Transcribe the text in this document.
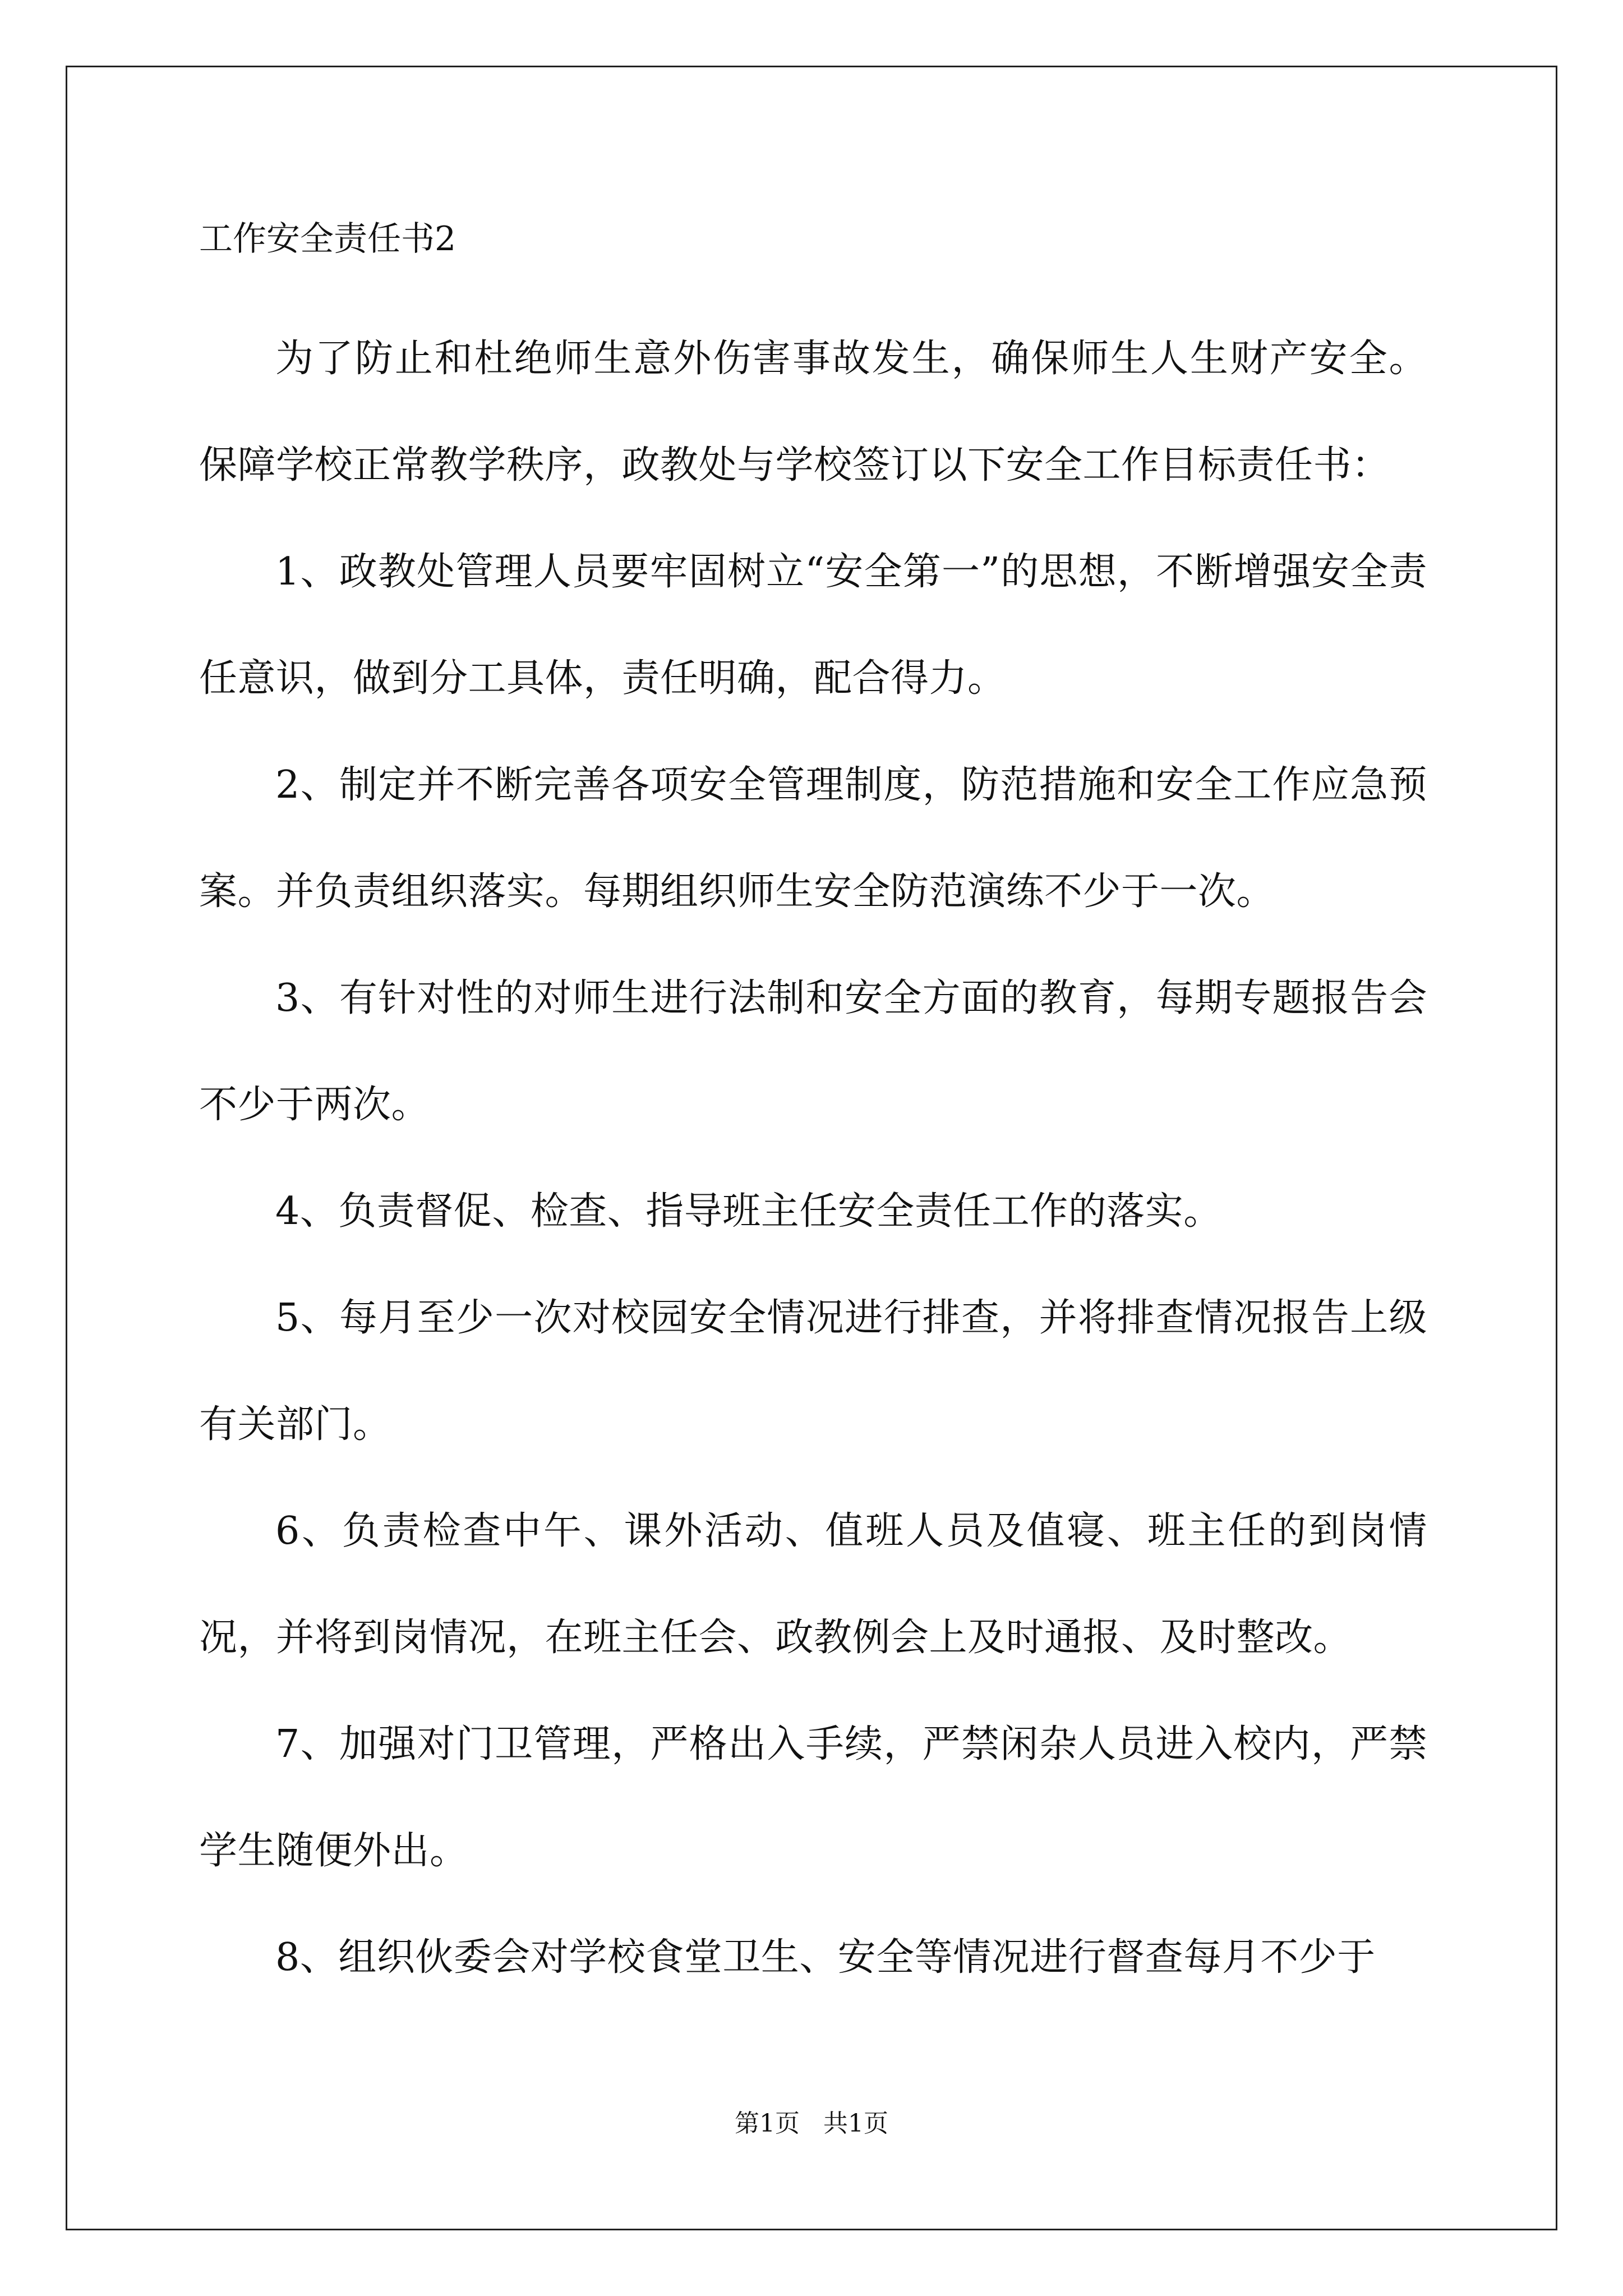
工作安全责任书2

为了防止和杜绝师生意外伤害事故发生，确保师生人生财产安全。保障学校正常教学秩序，政教处与学校签订以下安全工作目标责任书：

1、政教处管理人员要牢固树立“安全第一”的思想，不断增强安全责任意识，做到分工具体，责任明确，配合得力。

2、制定并不断完善各项安全管理制度，防范措施和安全工作应急预案。并负责组织落实。每期组织师生安全防范演练不少于一次。

3、有针对性的对师生进行法制和安全方面的教育，每期专题报告会不少于两次。

4、负责督促、检查、指导班主任安全责任工作的落实。

5、每月至少一次对校园安全情况进行排查，并将排查情况报告上级有关部门。

6、负责检查中午、课外活动、值班人员及值寝、班主任的到岗情况，并将到岗情况，在班主任会、政教例会上及时通报、及时整改。

7、加强对门卫管理，严格出入手续，严禁闲杂人员进入校内，严禁学生随便外出。

8、组织伙委会对学校食堂卫生、安全等情况进行督查每月不少于

第1页   共1页
